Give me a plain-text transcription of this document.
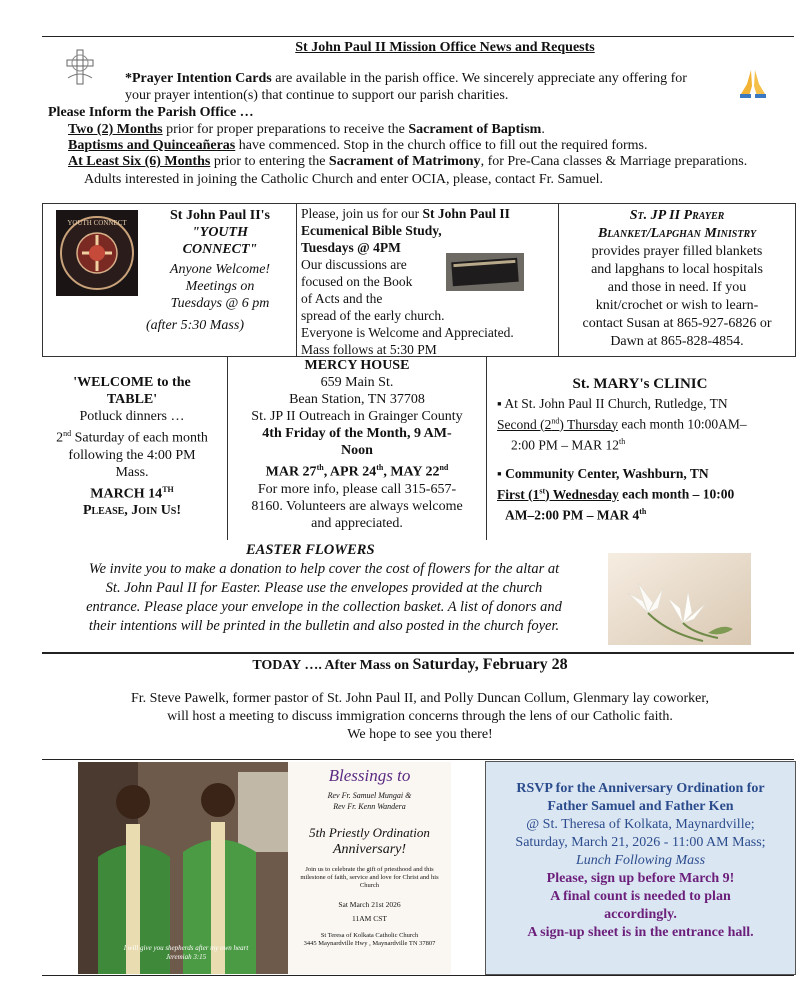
St John Paul II Mission Office News and Requests
*Prayer Intention Cards are available in the parish office. We sincerely appreciate any offering for
your prayer intention(s) that continue to support our parish charities.
Please Inform the Parish Office …
Two (2) Months prior for proper preparations to receive the Sacrament of Baptism.
Baptisms and Quinceañeras have commenced. Stop in the church office to fill out the required forms.
At Least Six (6) Months prior to entering the Sacrament of Matrimony, for Pre-Cana classes & Marriage preparations.
Adults interested in joining the Catholic Church and enter OCIA, please, contact Fr. Samuel.
YOUTH CONNECT	St John Paul II's
"YOUTH
CONNECT"
Anyone Welcome!
Meetings on
Tuesdays @ 6 pm
(after 5:30 Mass)
Please, join us for our St John Paul II
Ecumenical Bible Study,
Tuesdays @ 4PM
Our discussions are
focused on the Book
of Acts and the
spread of the early church.
Everyone is Welcome and Appreciated.
Mass follows at 5:30 PM
St. JP II Prayer
Blanket/Lapghan Ministry
provides prayer filled blankets
and lapghans to local hospitals
and those in need. If you
knit/crochet or wish to learn-
contact Susan at 865-927-6826 or
Dawn at 865-828-4854.
'WELCOME to the
TABLE'
Potluck dinners …
2nd Saturday of each month
following the 4:00 PM
Mass.
MARCH 14TH
Please, Join Us!
MERCY HOUSE
659 Main St.
Bean Station, TN 37708
St. JP II Outreach in Grainger County
4th Friday of the Month, 9 AM-
Noon
MAR 27th, APR 24th, MAY 22nd
For more info, please call 315-657-
8160. Volunteers are always welcome
and appreciated.
St. MARY's CLINIC
▪ At St. John Paul II Church, Rutledge, TN
Second (2nd) Thursday each month 10:00AM–
2:00 PM – MAR 12th
▪ Community Center, Washburn, TN
First (1st) Wednesday each month – 10:00
AM–2:00 PM – MAR 4th
EASTER FLOWERS
We invite you to make a donation to help cover the cost of flowers for the altar at
St. John Paul II for Easter. Please use the envelopes provided at the church
entrance. Please place your envelope in the collection basket. A list of donors and
their intentions will be printed in the bulletin and also posted in the church foyer.
TODAY …. After Mass on Saturday, February 28
Fr. Steve Pawelk, former pastor of St. John Paul II, and Polly Duncan Collum, Glenmary lay coworker,
will host a meeting to discuss immigration concerns through the lens of our Catholic faith.
We hope to see you there!
I will give you shepherds after my own heart
Jeremiah 3:15
Blessings to
Rev Fr. Samuel Mungai &
Rev Fr. Kenn Wandera
5th Priestly Ordination
Anniversary!
Join us to celebrate the gift of priesthood and this milestone of faith, service and love for Christ and his Church
Sat March 21st 2026
11AM CST
St Teresa of Kolkata Catholic Church
3445 Maynardville Hwy , Maynardville TN 37807
RSVP for the Anniversary Ordination for
Father Samuel and Father Ken
@ St. Theresa of Kolkata, Maynardville;
Saturday, March 21, 2026 - 11:00 AM Mass;
Lunch Following Mass
Please, sign up before March 9!
A final count is needed to plan
accordingly.
A sign-up sheet is in the entrance hall.
